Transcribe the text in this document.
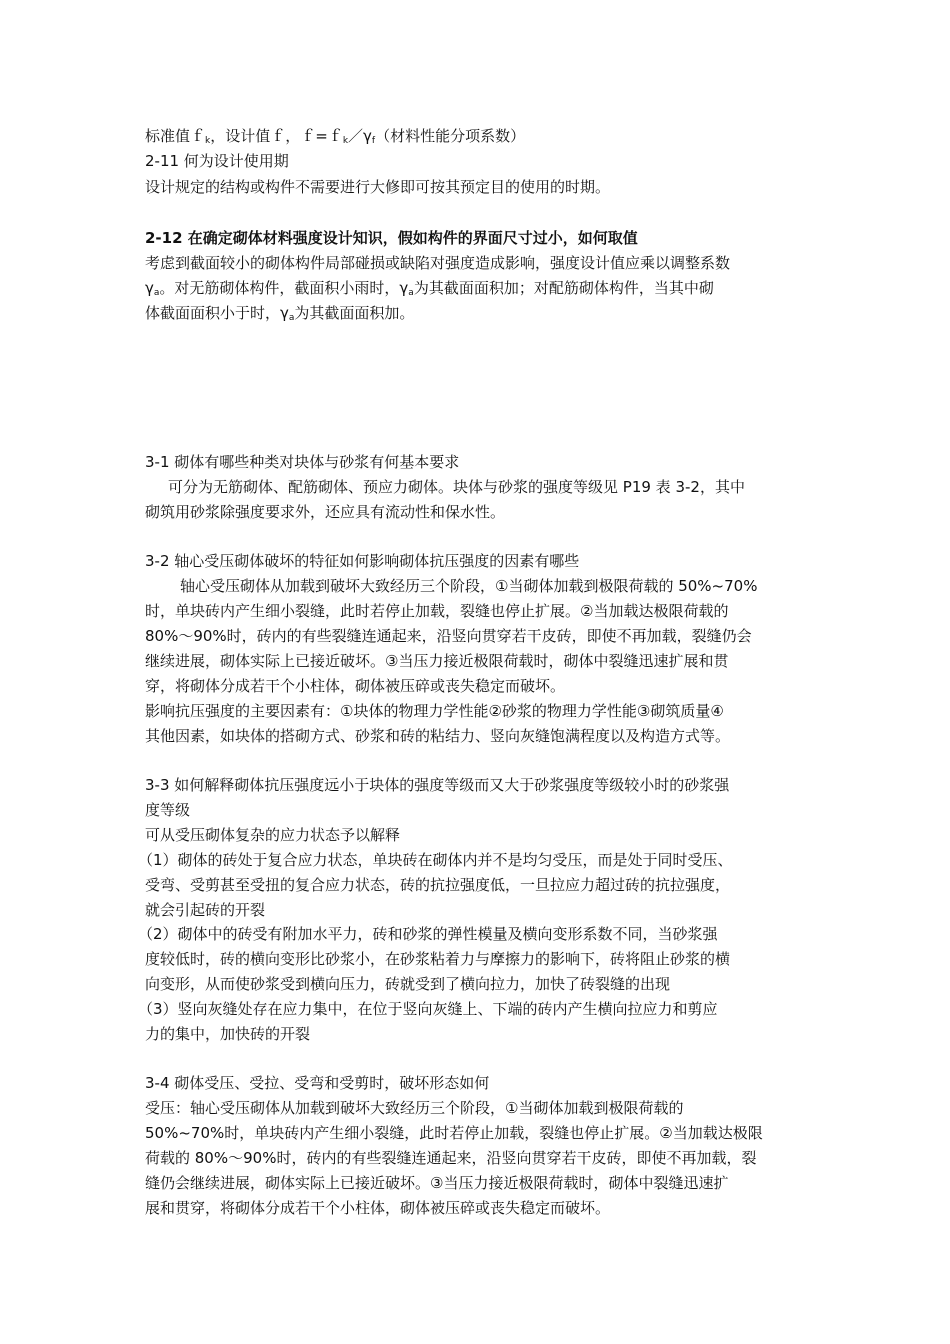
标准值ｆ$_k$，设计值ｆ，$f=f_k/\gamma_f$（材料性能分项系数）

2-11 何为设计使用期

设计规定的结构或构件不需要进行大修即可按其预定目的使用的时期。

2-12 在确定砌体材料强度设计知识，假如构件的界面尺寸过小，如何取值

考虑到截面较小的砌体构件局部碰损或缺陷对强度造成影响，强度设计值应乘以调整系数

$\gamma_a$。对无筋砌体构件，截面积小雨时，$\gamma_a$为其截面面积加；对配筋砌体构件，当其中砌

体截面面积小于时，$\gamma_a$为其截面面积加。

3-1 砌体有哪些种类对块体与砂浆有何基本要求

可分为无筋砌体、配筋砌体、预应力砌体。块体与砂浆的强度等级见 P19 表 3-2，其中

砌筑用砂浆除强度要求外，还应具有流动性和保水性。

3-2 轴心受压砌体破坏的特征如何影响砌体抗压强度的因素有哪些

轴心受压砌体从加载到破坏大致经历三个阶段，①当砌体加载到极限荷载的 50%~70%

时，单块砖内产生细小裂缝，此时若停止加载，裂缝也停止扩展。②当加载达极限荷载的

80%～90%时，砖内的有些裂缝连通起来，沿竖向贯穿若干皮砖，即使不再加载，裂缝仍会

继续进展，砌体实际上已接近破坏。③当压力接近极限荷载时，砌体中裂缝迅速扩展和贯

穿，将砌体分成若干个小柱体，砌体被压碎或丧失稳定而破坏。

影响抗压强度的主要因素有：①块体的物理力学性能②砂浆的物理力学性能③砌筑质量④

其他因素，如块体的搭砌方式、砂浆和砖的粘结力、竖向灰缝饱满程度以及构造方式等。

3-3 如何解释砌体抗压强度远小于块体的强度等级而又大于砂浆强度等级较小时的砂浆强

度等级

可从受压砌体复杂的应力状态予以解释

（1）砌体的砖处于复合应力状态，单块砖在砌体内并不是均匀受压，而是处于同时受压、

受弯、受剪甚至受扭的复合应力状态，砖的抗拉强度低，一旦拉应力超过砖的抗拉强度，

就会引起砖的开裂

（2）砌体中的砖受有附加水平力，砖和砂浆的弹性模量及横向变形系数不同，当砂浆强

度较低时，砖的横向变形比砂浆小，在砂浆粘着力与摩擦力的影响下，砖将阻止砂浆的横

向变形，从而使砂浆受到横向压力，砖就受到了横向拉力，加快了砖裂缝的出现

（3）竖向灰缝处存在应力集中，在位于竖向灰缝上、下端的砖内产生横向拉应力和剪应

力的集中，加快砖的开裂

3-4 砌体受压、受拉、受弯和受剪时，破坏形态如何

受压：轴心受压砌体从加载到破坏大致经历三个阶段，①当砌体加载到极限荷载的

50%~70%时，单块砖内产生细小裂缝，此时若停止加载，裂缝也停止扩展。②当加载达极限

荷载的 80%～90%时，砖内的有些裂缝连通起来，沿竖向贯穿若干皮砖，即使不再加载，裂

缝仍会继续进展，砌体实际上已接近破坏。③当压力接近极限荷载时，砌体中裂缝迅速扩

展和贯穿，将砌体分成若干个小柱体，砌体被压碎或丧失稳定而破坏。
